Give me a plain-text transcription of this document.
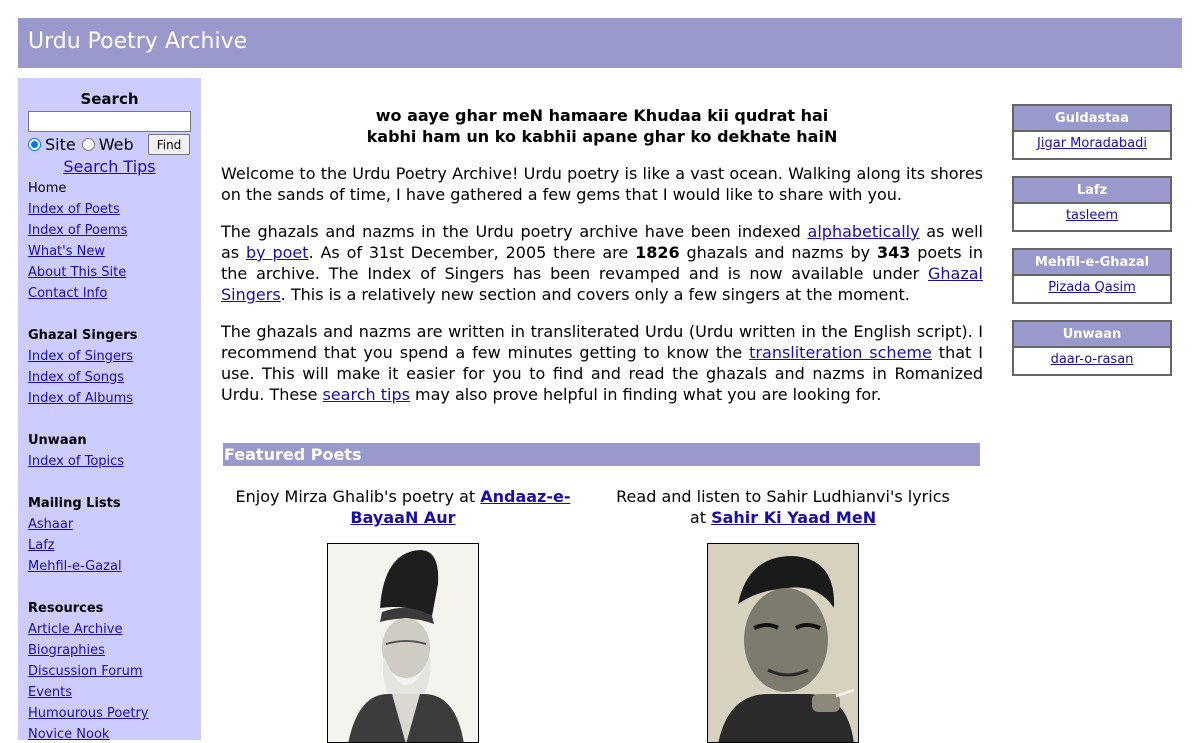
Urdu Poetry Archive
Search
Site Web	Find
Search Tips
Home
Index of Poets
Index of Poems
What's New
About This Site
Contact Info
Ghazal Singers
Index of Singers
Index of Songs
Index of Albums
Unwaan
Index of Topics
Mailing Lists
Ashaar
Lafz
Mehfil-e-Gazal
Resources
Article Archive
Biographies
Discussion Forum
Events
Humourous Poetry
Novice Nook
wo aaye ghar meN hamaare Khudaa kii qudrat hai
kabhi ham un ko kabhii apane ghar ko dekhate haiN
Welcome to the Urdu Poetry Archive! Urdu poetry is like a vast ocean. Walking along its shores on the sands of time, I have gathered a few gems that I would like to share with you.
The ghazals and nazms in the Urdu poetry archive have been indexed alphabetically as well as by poet. As of 31st December, 2005 there are 1826 ghazals and nazms by 343 poets in the archive. The Index of Singers has been revamped and is now available under Ghazal Singers. This is a relatively new section and covers only a few singers at the moment.
The ghazals and nazms are written in transliterated Urdu (Urdu written in the English script). I recommend that you spend a few minutes getting to know the transliteration scheme that I use. This will make it easier for you to find and read the ghazals and nazms in Romanized Urdu. These search tips may also prove helpful in finding what you are looking for.
Featured Poets
Enjoy Mirza Ghalib's poetry at Andaaz-e-BayaaN Aur
Read and listen to Sahir Ludhianvi's lyrics at Sahir Ki Yaad MeN
Guldastaa
Jigar Moradabadi
Lafz
tasleem
Mehfil-e-Ghazal
Pizada Qasim
Unwaan
daar-o-rasan
